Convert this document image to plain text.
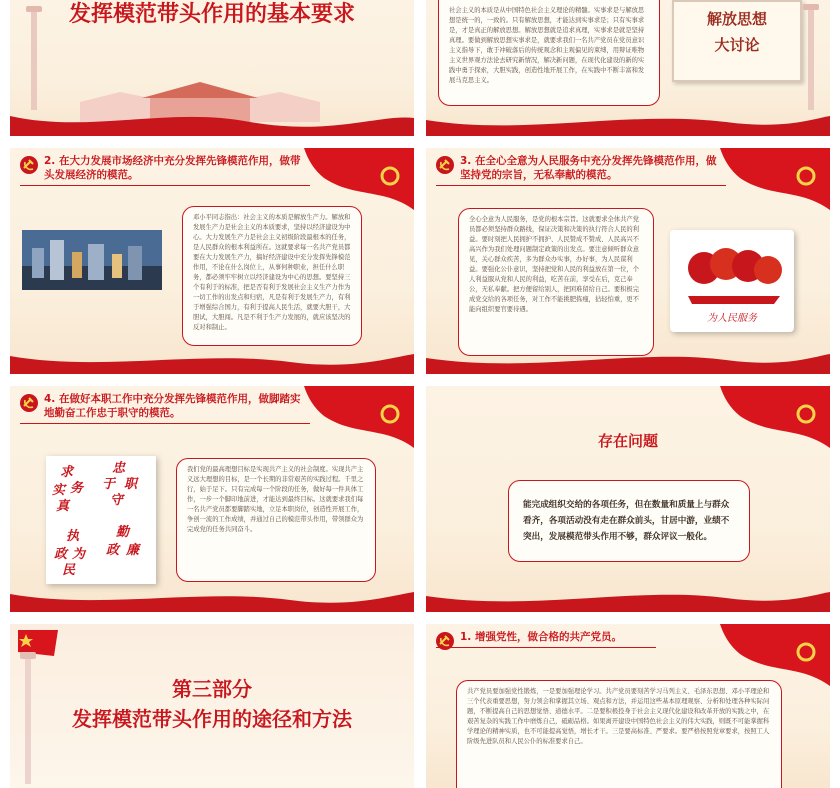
发挥模范带头作用的基本要求	社会主义的本质是从中国特色社会主义理论的精髓。实事求是与解放思想是统一的，一致的。只有解放思想，才能达到实事求是；只有实事求是，才是真正的解放思想。解放思想就是追求真理，实事求是就是坚持真理。要做到解放思想实事求是，就要求我们一名共产党员在党员意识主义指导下，敢于冲破落后的传统观念和主观偏见的束缚，用辩证唯物主义世界观方法论去研究新情况，解决新问题，在现代化建设的新的实践中勇于探索，大胆实践，创造性地开展工作，在实践中不断丰富和发展马克思主义。
解放思想
大讨论
2. 在大力发展市场经济中充分发挥先锋模范作用，做带头发展经济的模范。
邓小平同志指出：社会主义的本质是解放生产力。解放和发展生产力是社会主义的本质要求，坚持以经济建设为中心。大力发展生产力是社会主义初级阶段最根本的任务，是人民群众的根本利益所在。这就要求每一名共产党员都要在大力发展生产力，搞好经济建设中充分发挥先锋模范作用，不论在什么岗位上，从事何种职业，担任什么职务，都必须牢牢树立以经济建设为中心的思想。要坚持三个有利于的标准，把是否有利于发展社会主义生产力作为一切工作的出发点和归宿，凡是有利于发展生产力，有利于增强综合国力，有利于提高人民生活，就要大胆干，大胆试，大胆闯。凡是不利于生产力发展的，就应该坚决的反对和制止。
3. 在全心全意为人民服务中充分发挥先锋模范作用，做坚持党的宗旨，无私奉献的模范。
全心全意为人民服务，是党的根本宗旨。这就要求全体共产党员都必须坚持群众路线，保证决策和决策的执行符合人民的利益。要时刻把人民拥护不拥护、人民赞成不赞成、人民高兴不高兴作为我们处理问题制定政策的出发点。要注意倾听群众意见，关心群众疾苦，多为群众办实事，办好事，为人民谋利益。要强化公仆意识，坚持把党和人民的利益放在第一位，个人利益服从党和人民的利益，吃苦在前，享受在后，克己奉公，无私奉献。把方便留给别人，把困难留给自己。要积极完成党交给的各项任务，对工作不能挑肥拣瘦，拈轻怕重，更不能向组织要官要待遇。
为人民服务
4. 在做好本职工作中充分发挥先锋模范作用，做脚踏实地勤奋工作忠于职守的模范。
求
实 务
真
忠
于 职
守
执
政 为
民
勤
政 廉
我们党的最高理想目标是实现共产主义的社会制度。实现共产主义远大理想的目标，是一个长期的非常艰苦的实践过程。千里之行，始于足下。只有完成每一个阶段的任务，做好每一件具体工作，一步一个脚印地前进，才能达到最终目标。这就要求我们每一名共产党员都要脚踏实地，立足本职岗位，创造性开展工作，争创一流的工作成绩，并通过自己的模范带头作用，带领群众为完成党的任务共同奋斗。
存在问题
能完成组织交给的各项任务，但在数量和质量上与群众看齐，各项活动没有走在群众前头，甘居中游，业绩不突出，发展模范带头作用不够，群众评议一般化。
第三部分
发挥模范带头作用的途径和方法
1. 增强党性，做合格的共产党员。
共产党员要加强党性锻炼，一是要加强理论学习。共产党员要刻苦学习马列主义、毛泽东思想、邓小平理论和三个代表重要思想，努力领会和掌握其立场、观点和方法，并运用这些基本原理观察、分析和处理各种实际问题，不断提高自己的思想觉悟、道德水平。二是要积极投身于社会主义现代化建设和改革开放的实践之中，在艰苦复杂的实践工作中磨炼自己，砥砺品格。如果离开建设中国特色社会主义的伟大实践，则既不可能掌握科学理论的精神实质，也不可能提高觉悟，增长才干。三是要高标准、严要求。要严格按照党章要求，按照工人阶级先进队员和人民公仆的标准要求自己。
